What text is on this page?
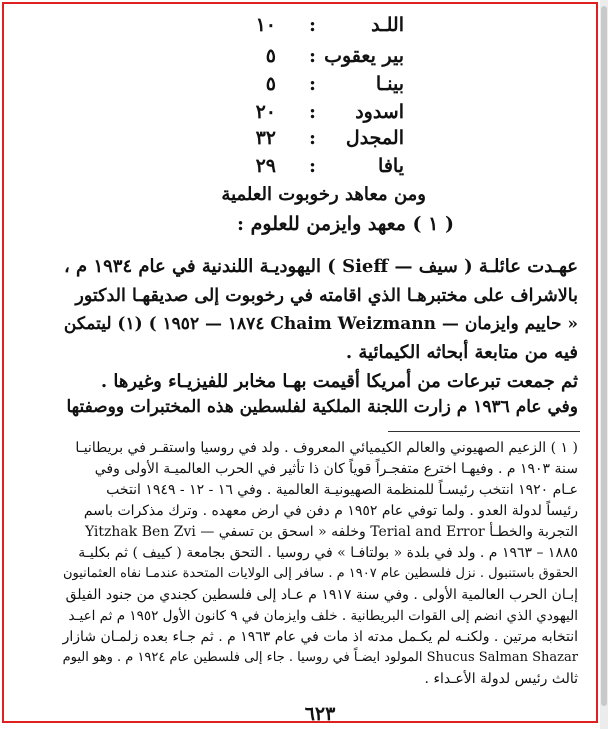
اللـد
:
١٠
بير يعقوب
:
٥
بينـا
:
٥
اسدود
:
٢٠
المجدل
:
٣٢
يافا
:
٢٩
ومن معاهد رخوبوت العلمية
( ١ ) معهد وايزمن للعلوم :
عهـدت عائلـة ( سيف — Sieff ) اليهوديـة اللندنية في عام ١٩٣٤ م ،
بالاشراف على مختبرهـا الذي اقامته في رخوبوت إلى صديقهـا الدكتور
« حاييم وايزمان — Chaim Weizmann ١٨٧٤ — ١٩٥٢ ) (١) ليتمكن
فيه من متابعة أبحاثه الكيمائية .
ثم جمعت تبرعات من أمريكا أقيمت بهـا مخابر للفيزيـاء وغيرها .
وفي عام ١٩٣٦ م زارت اللجنة الملكية لفلسطين هذه المختبرات ووصفتها
( ١ ) الزعيم الصهيوني والعالم الكيميائي المعروف . ولد في روسيا واستقـر في بريطانيـا
سنة ١٩٠٣ م . وفيهـا اخترع متفجـراً قوياً كان ذا تأثير في الحرب العالميـة الأولى وفي
عـام ١٩٢٠ انتخب رئيسـاً للمنظمة الصهيونيـة العالمية . وفي ١٦ - ١٢ - ١٩٤٩ انتخب
رئيساً لدولة العدو . ولما توفي عام ١٩٥٢ م دفن في ارض معهده . وترك مذكرات باسم
التجربة والخطـأ Terial and Error وخلفه « اسحق بن تسفي — Yitzhak Ben Zvi
١٨٨٥ – ١٩٦٣ م . ولد في بلدة « بولتافـا » في روسيا . التحق بجامعة ( كييف ) ثم بكليـة
الحقوق باستنبول . نزل فلسطين عام ١٩٠٧ م . سافر إلى الولايات المتحدة عندمـا نفاه العثمانيون
إبـان الحرب العالمية الأولى . وفي سنة ١٩١٧ م عـاد إلى فلسطين كجندي من جنود الفيلق
اليهودي الذي انضم إلى القوات البريطانية . خلف وايزمان في ٩ كانون الأول ١٩٥٢ م ثم اعيـد
انتخابه مرتين . ولكنـه لم يكـمل مدته اذ مات في عام ١٩٦٣ م . ثم جـاء بعده زلمـان شازار
Shucus Salman Shazar المولود ايضـاً في روسيا . جاء إلى فلسطين عام ١٩٢٤ م . وهو اليوم
ثالث رئيس لدولة الأعـداء .
٦٢٣
